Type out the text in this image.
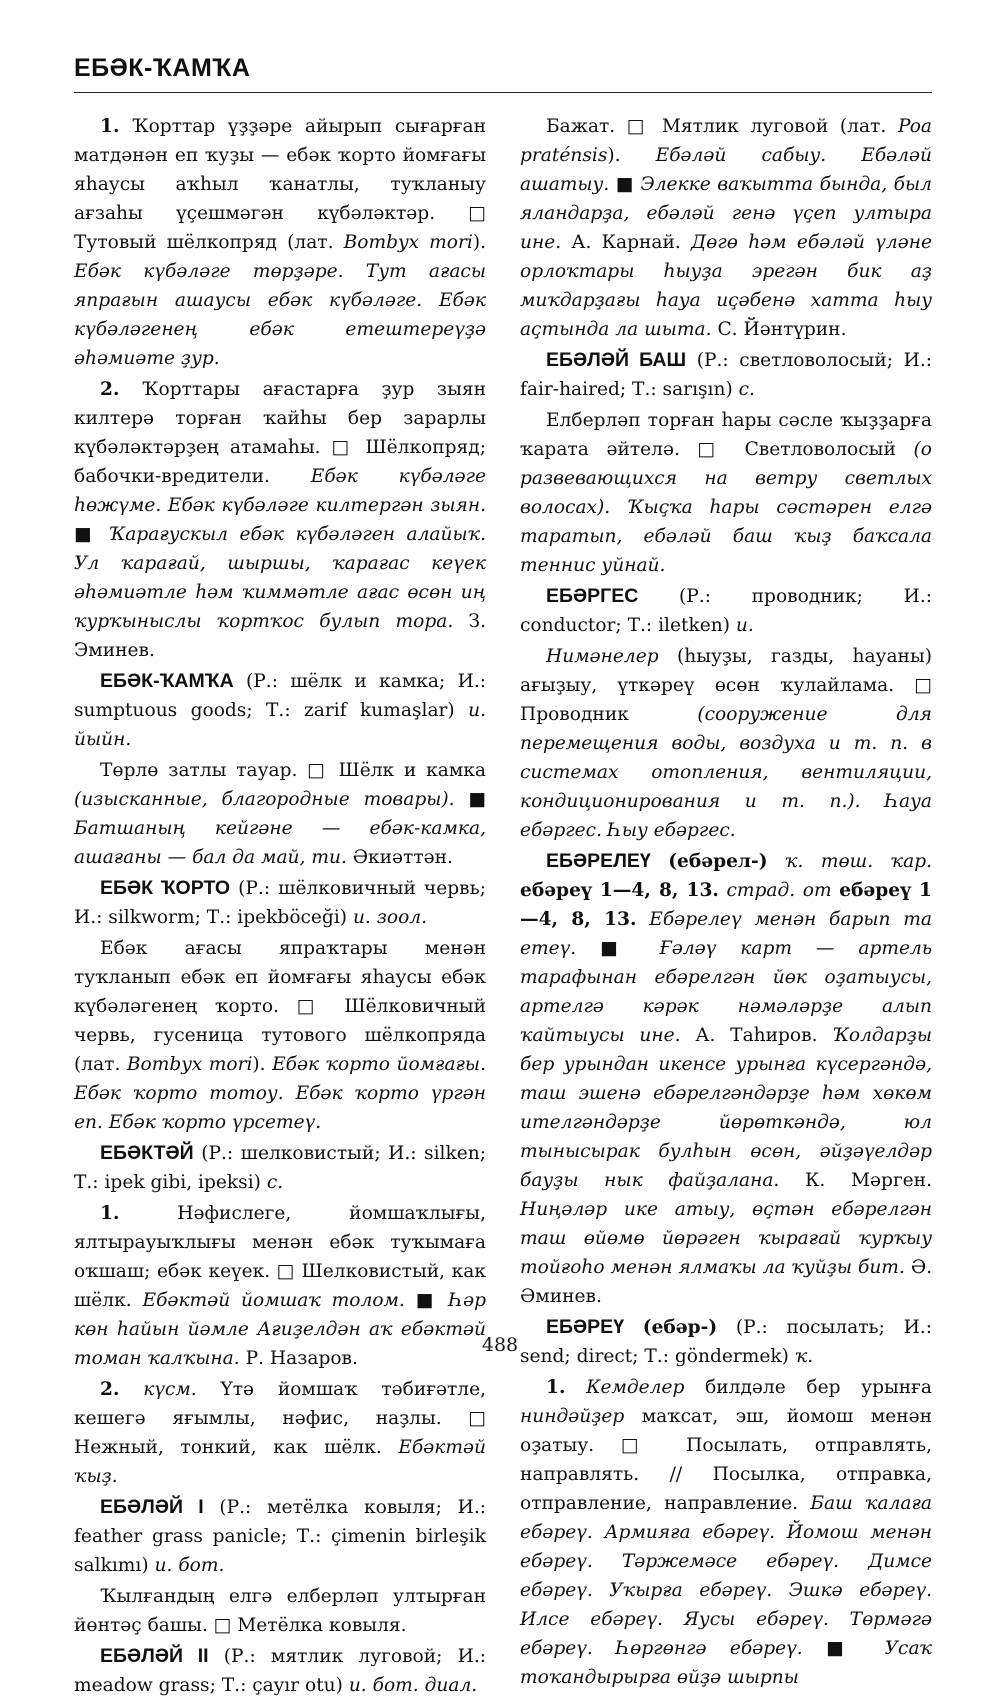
ЕБӘК-ҠАМҠА

1. Ҡорттар үҙҙәре айырып сығарған матдәнән еп ҡуҙы — ебәк ҡорто йомғағы яһаусы аҡһыл ҡанатлы, туҡланыу ағзаһы үҫешмәгән күбәләктәр. □ Тутовый шёлкопряд (лат. Bombyx mori). Ебәк күбәләге төрҙәре. Тут ағасы япрағын ашаусы ебәк күбәләге. Ебәк күбәләгенең ебәк етештереүҙә әһәмиәте ҙур.

2. Ҡорттары ағастарға ҙур зыян килтерә торған ҡайһы бер зарарлы күбәләктәрҙең атамаһы. □ Шёлкопряд; бабочки-вредители. Ебәк күбәләге һөжүме. Ебәк күбәләге килтергән зыян. ■ Ҡарағускыл ебәк күбәләген алайыҡ. Ул ҡарағай, шыршы, ҡарағас кеүек әһәмиәтле һәм ҡиммәтле ағас өсөн иң ҡурҡыныслы ҡортҡос булып тора. З. Эминев.

ЕБӘК-ҠАМҠА (Р.: шёлк и камка; И.: sumptuous goods; Т.: zarif kumaşlar) и. йыйн.

Төрлө затлы тауар. □ Шёлк и камка (изысканные, благородные товары). ■ Батшаның кейгәне — ебәк-камка, ашағаны — бал да май, ти. Әкиәттән.

ЕБӘК ҠОРТО (Р.: шёлковичный червь; И.: silkworm; Т.: ipekböceği) и. зоол.

Ебәк ағасы япраҡтары менән туҡланып ебәк еп йомғағы яһаусы ебәк күбәләгенең ҡорто. □ Шёлковичный червь, гусеница тутового шёлкопряда (лат. Bombyx mori). Ебәк ҡорто йомғағы. Ебәк ҡорто тотоу. Ебәк ҡорто үргән еп. Ебәк ҡорто үрсетеү.

ЕБӘКТӘЙ (Р.: шелковистый; И.: silken; Т.: ipek gibi, ipeksi) с.

1. Нәфислеге, йомшаҡлығы, ялтырауыҡлығы менән ебәк туҡымаға оҡшаш; ебәк кеүек. □ Шелковистый, как шёлк. Ебәктәй йомшаҡ толом. ■ Һәр көн һайын йәмле Ағиҙелдән аҡ ебәктәй томан ҡалҡына. Р. Назаров.

2. күсм. Үтә йомшаҡ тәбиғәтле, кешегә яғымлы, нәфис, наҙлы. □ Нежный, тонкий, как шёлк. Ебәктәй ҡыҙ.

ЕБӘЛӘЙ I (Р.: метёлка ковыля; И.: feather grass panicle; Т.: çimenin birleşik salkımı) и. бот.

Ҡылғандың елгә елберләп ултырған йөнтәҫ башы. □ Метёлка ковыля.

ЕБӘЛӘЙ II (Р.: мятлик луговой; И.: meadow grass; Т.: çayır otu) и. бот. диал.

Бажат. □ Мятлик луговой (лат. Poa praténsis). Ебәләй сабыу. Ебәләй ашатыу. ■ Элекке ваҡытта бында, был яландарҙа, ебәләй генә үҫеп ултыра ине. А. Карнай. Дөгө һәм ебәләй үләне орлоҡтары һыуҙа эрегән бик аҙ миҡдарҙағы һауа иҫәбенә хатта һыу аҫтында ла шыта. С. Йәнтүрин.

ЕБӘЛӘЙ БАШ (Р.: светловолосый; И.: fair-haired; Т.: sarışın) с.

Елберләп торған һары сәсле ҡыҙҙарға ҡарата әйтелә. □ Светловолосый (о развевающихся на ветру светлых волосах). Ҡыҫҡа һары сәстәрен елгә таратып, ебәләй баш ҡыҙ баҡсала теннис уйнай.

ЕБӘРГЕС (Р.: проводник; И.: conductor; Т.: iletken) и.

Нимәнелер (һыуҙы, газды, һауаны) ағыҙыу, үткәреү өсөн ҡулайлама. □ Проводник (сооружение для перемещения воды, воздуха и т. п. в системах отопления, вентиляции, кондиционирования и т. п.). Һауа ебәргес. Һыу ебәргес.

ЕБӘРЕЛЕҮ (ебәрел-) ҡ. төш. ҡар. ебәреү 1—4, 8, 13. страд. от ебәреү 1—4, 8, 13. Ебәрелеү менән барып та етеү. ■ Ғәләү карт — артель тарафынан ебәрелгән йөк оҙатыусы, артелгә кәрәк нәмәләрҙе алып ҡайтыусы ине. А. Таһиров. Ҡолдарҙы бер урындан икенсе урынға күсергәндә, таш эшенә ебәрелгәндәрҙе һәм хөкөм ителгәндәрҙе йөрөткәндә, юл тынысырак булһын өсөн, әйҙәүелдәр бауҙы нык файҙалана. К. Мәрген. Ниңәләр ике атыу, өҫтән ебәрелгән таш өйөмө йөрәген ҡырағай ҡурҡыу тойғоһо менән ялмаҡы ла ҡуйҙы бит. Ә. Әминев.

ЕБӘРЕҮ (ебәр-) (Р.: посылать; И.: send; direct; Т.: göndermek) ҡ.

1. Кемделер билдәле бер урынға ниндәйҙер маҡсат, эш, йомош менән оҙатыу. □ Посылать, отправлять, направлять. // Посылка, отправка, отправление, направление. Баш ҡалаға ебәреү. Армияға ебәреү. Йомош менән ебәреү. Тәржемәсе ебәреү. Димсе ебәреү. Уҡырға ебәреү. Эшкә ебәреү. Илсе ебәреү. Яусы ебәреү. Төрмәгә ебәреү. Һөргөнгә ебәреү. ■ Усаҡ тоҡандырырға өйҙә шырпы

488
